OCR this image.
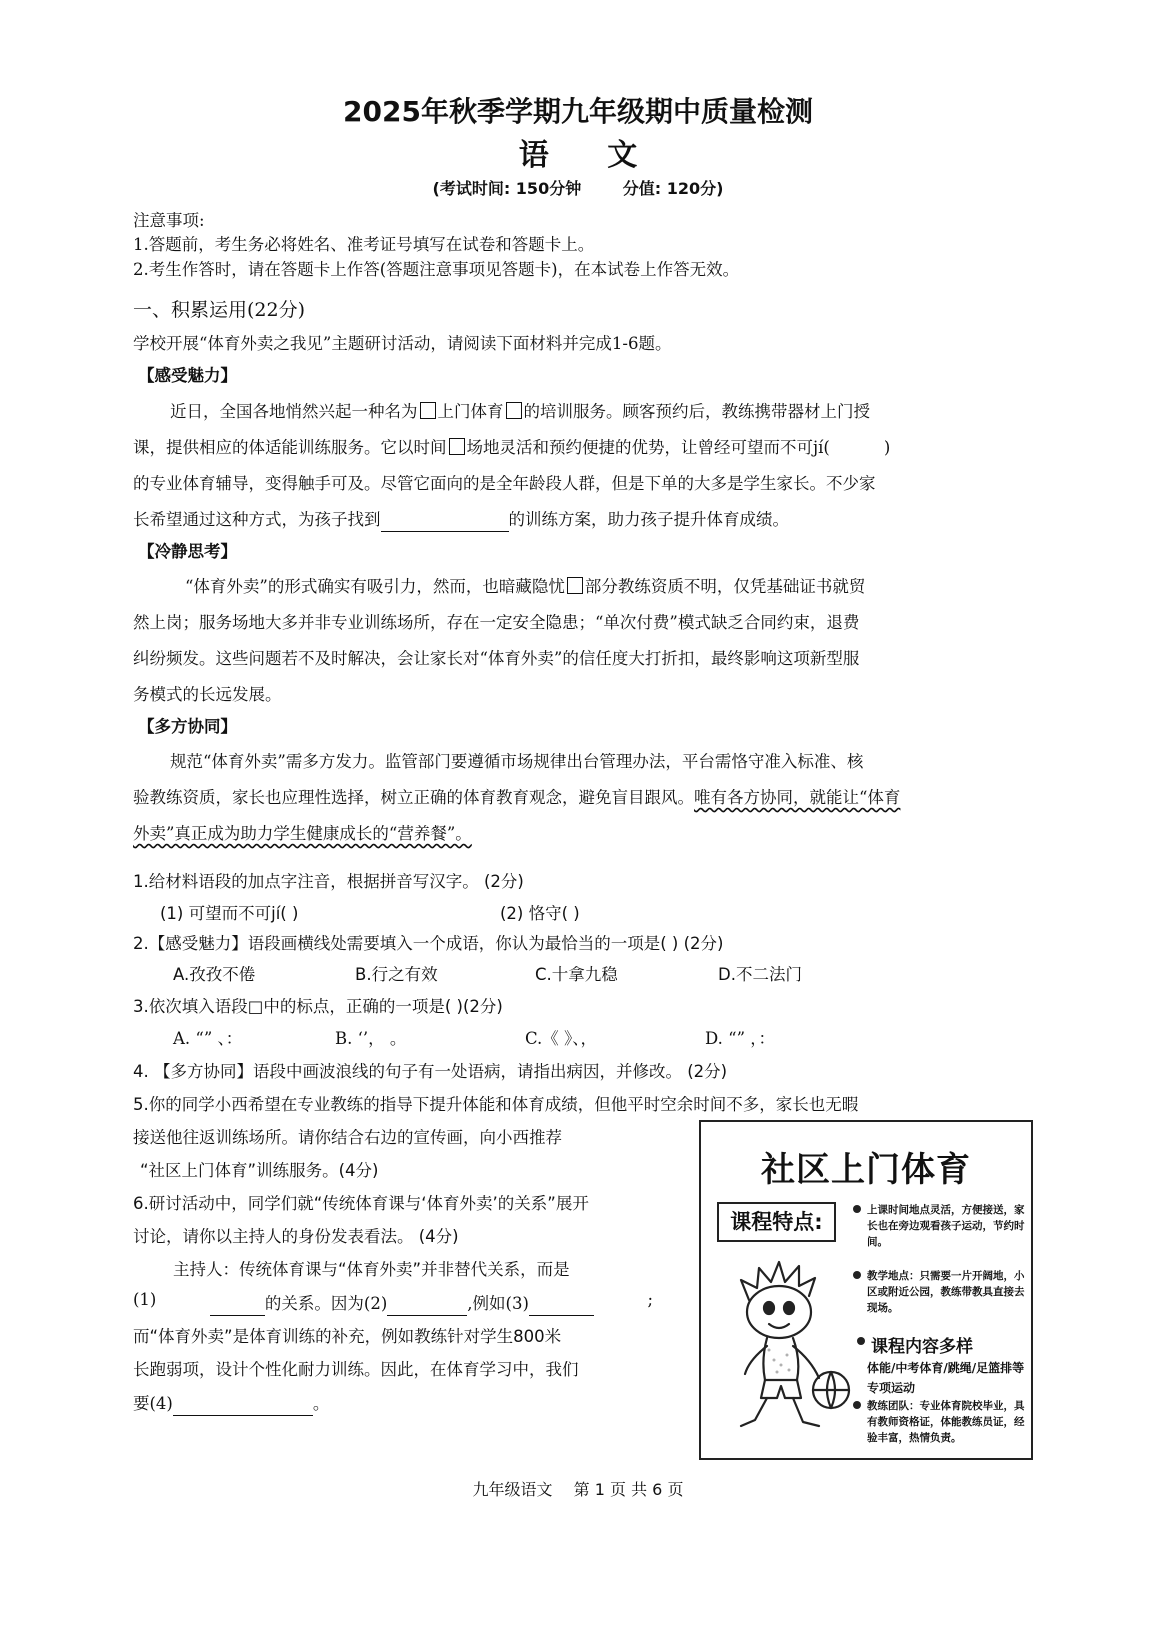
2025年秋季学期九年级期中质量检测
语 文
(考试时间: 150分钟	分值: 120分)
注意事项:
1.答题前，考生务必将姓名、准考证号填写在试卷和答题卡上。
2.考生作答时，请在答题卡上作答(答题注意事项见答题卡)，在本试卷上作答无效。
一、积累运用(22分)
学校开展“体育外卖之我见”主题研讨活动，请阅读下面材料并完成1-6题。
【感受魅力】
近日，全国各地悄然兴起一种名为 上门体育 的培训服务。顾客预约后，教练携带器材上门授
课，提供相应的体适能训练服务。它以时间 场地灵活和预约便捷的优势，让曾经可望而不可jí(	)
的专业体育辅导，变得触手可及。尽管它面向的是全年龄段人群，但是下单的大多是学生家长。不少家
长希望通过这种方式，为孩子找到	的训练方案，助力孩子提升体育成绩。
【冷静思考】
“体育外卖”的形式确实有吸引力，然而，也暗藏隐忧 部分教练资质不明，仅凭基础证书就贸
然上岗；服务场地大多并非专业训练场所，存在一定安全隐患；“单次付费”模式缺乏合同约束，退费
纠纷频发。这些问题若不及时解决，会让家长对“体育外卖”的信任度大打折扣，最终影响这项新型服
务模式的长远发展。
【多方协同】
规范“体育外卖”需多方发力。监管部门要遵循市场规律出台管理办法，平台需恪守准入标准、核
验教练资质，家长也应理性选择，树立正确的体育教育观念，避免盲目跟风。唯有各方协同，就能让“体育
外卖”真正成为助力学生健康成长的“营养餐”。
1.给材料语段的加点字注音，根据拼音写汉字。 (2分)
(1) 可望而不可jí( )	(2) 恪守( )
2.【感受魅力】语段画横线处需要填入一个成语，你认为最恰当的一项是( ) (2分)
A.孜孜不倦	B.行之有效	C.十拿九稳	D.不二法门
3.依次填入语段□中的标点，正确的一项是( )(2分)
A. “” 、：	B. ‘’， 。	C.《 》、，	D. “” ，：
4. 【多方协同】语段中画波浪线的句子有一处语病，请指出病因，并修改。 (2分)
5.你的同学小西希望在专业教练的指导下提升体能和体育成绩，但他平时空余时间不多，家长也无暇
接送他往返训练场所。请你结合右边的宣传画，向小西推荐
“社区上门体育”训练服务。(4分)
6.研讨活动中，同学们就“传统体育课与‘体育外卖’的关系”展开
讨论，请你以主持人的身份发表看法。 (4分)
主持人：传统体育课与“体育外卖”并非替代关系，而是
(1)	的关系。因为(2)	,例如(3)	;
而“体育外卖”是体育训练的补充，例如教练针对学生800米
长跑弱项，设计个性化耐力训练。因此，在体育学习中，我们
要(4)	。
社区上门体育
课程特点:	上课时间地点灵活，方便接送，家长也在旁边观看孩子运动，节约时间。
教学地点：只需要一片开阔地，小区或附近公园，教练带教具直接去现场。
课程内容多样
体能/中考体育/跳绳/足篮排等专项运动
教练团队：专业体育院校毕业，具有教师资格证，体能教练员证，经验丰富，热情负责。
九年级语文 第 1 页 共 6 页
